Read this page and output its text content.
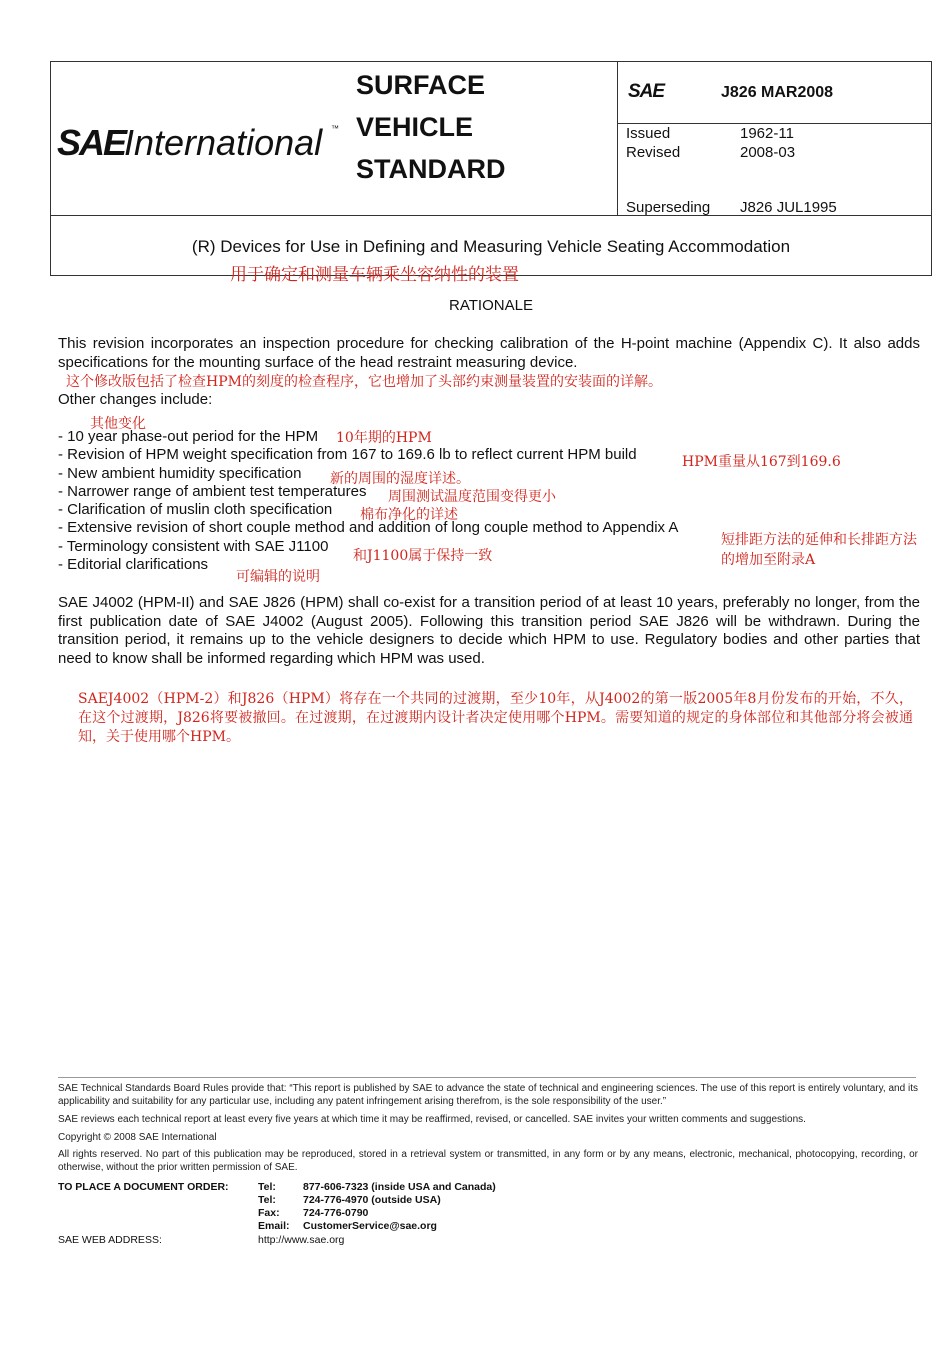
SAE
International ™
SURFACE
VEHICLE
STANDARD
SAE	J826 MAR2008
Issued	1962-11
Revised	2008-03
Superseding J826 JUL1995
(R) Devices for Use in Defining and Measuring Vehicle Seating Accommodation
用于确定和测量车辆乘坐容纳性的装置
RATIONALE
This revision incorporates an inspection procedure for checking calibration of the H-point machine (Appendix C). It also adds specifications for the mounting surface of the head restraint measuring device.
这个修改版包括了检查HPM的刻度的检查程序，它也增加了头部约束测量装置的安装面的详解。
Other changes include:
其他变化
- 10 year phase-out period for the HPM 10年期的HPM
- Revision of HPM weight specification from 167 to 169.6 lb to reflect current HPM build	HPM重量从167到169.6
- New ambient humidity specification 新的周围的湿度详述。
- Narrower range of ambient test temperatures 周围测试温度范围变得更小
- Clarification of muslin cloth specification 棉布净化的详述
- Extensive revision of short couple method and addition of long couple method to Appendix A
短排距方法的延伸和长排距方法的增加至附录A
- Terminology consistent with SAE J1100
和J1100属于保持一致
- Editorial clarifications
可编辑的说明
SAE J4002 (HPM-II) and SAE J826 (HPM) shall co-exist for a transition period of at least 10 years, preferably no longer, from the first publication date of SAE J4002 (August 2005). Following this transition period SAE J826 will be withdrawn. During the transition period, it remains up to the vehicle designers to decide which HPM to use. Regulatory bodies and other parties that need to know shall be informed regarding which HPM was used.
SAEJ4002（HPM-2）和J826（HPM）将存在一个共同的过渡期，至少10年，从J4002的第一版2005年8月份发布的开始，不久，在这个过渡期，J826将要被撤回。在过渡期，在过渡期内设计者决定使用哪个HPM。需要知道的规定的身体部位和其他部分将会被通知，关于使用哪个HPM。
SAE Technical Standards Board Rules provide that: “This report is published by SAE to advance the state of technical and engineering sciences. The use of this report is entirely voluntary, and its applicability and suitability for any particular use, including any patent infringement arising therefrom, is the sole responsibility of the user.”
SAE reviews each technical report at least every five years at which time it may be reaffirmed, revised, or cancelled. SAE invites your written comments and suggestions.
Copyright © 2008 SAE International
All rights reserved. No part of this publication may be reproduced, stored in a retrieval system or transmitted, in any form or by any means, electronic, mechanical, photocopying, recording, or otherwise, without the prior written permission of SAE.
TO PLACE A DOCUMENT ORDER:	Tel:	877-606-7323 (inside USA and Canada)
Tel:	724-776-4970 (outside USA)
Fax: 724-776-0790
Email: CustomerService@sae.org
SAE WEB ADDRESS:	http://www.sae.org
